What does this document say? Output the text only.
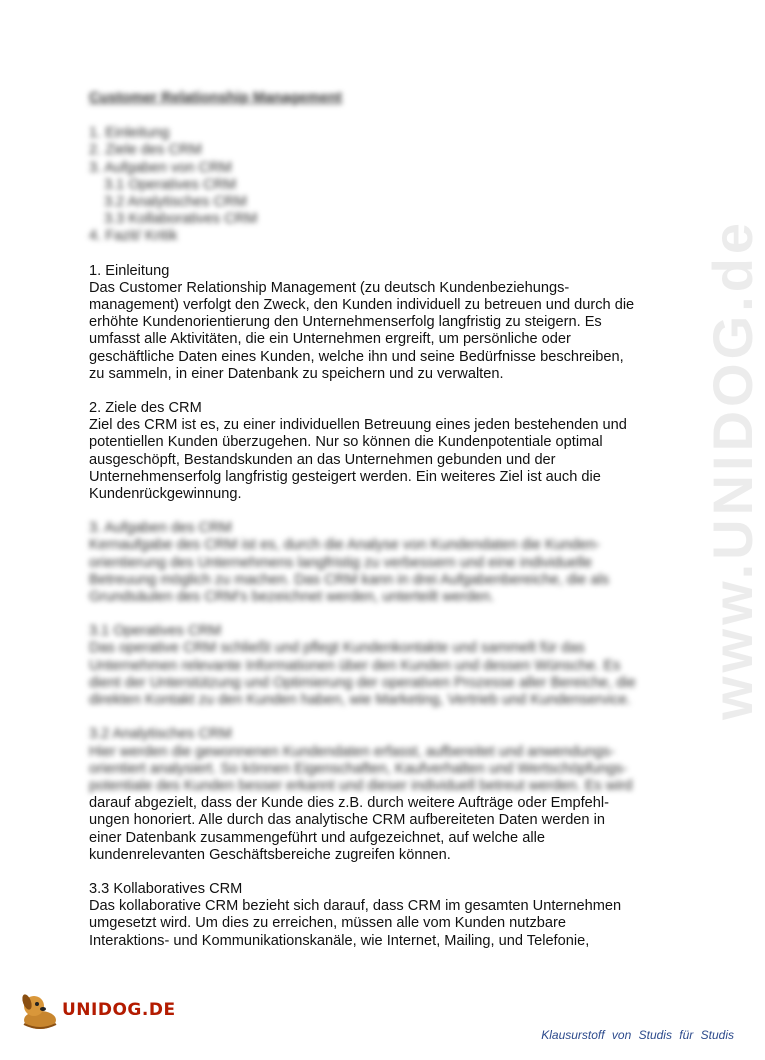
www.UNIDOG.de
Customer Relationship Management
1. Einleitung
2. Ziele des CRM
3. Aufgaben von CRM
3.1 Operatives CRM
3.2 Analytisches CRM
3.3 Kollaboratives CRM
4. Fazit/ Kritik
1. Einleitung
Das Customer Relationship Management (zu deutsch Kundenbeziehungs-
management) verfolgt den Zweck, den Kunden individuell zu betreuen und durch die
erhöhte Kundenorientierung den Unternehmenserfolg langfristig zu steigern. Es
umfasst alle Aktivitäten, die ein Unternehmen ergreift, um persönliche oder
geschäftliche Daten eines Kunden, welche ihn und seine Bedürfnisse beschreiben,
zu sammeln, in einer Datenbank zu speichern und zu verwalten.
2. Ziele des CRM
Ziel des CRM ist es, zu einer individuellen Betreuung eines jeden bestehenden und
potentiellen Kunden überzugehen. Nur so können die Kundenpotentiale optimal
ausgeschöpft, Bestandskunden an das Unternehmen gebunden und der
Unternehmenserfolg langfristig gesteigert werden. Ein weiteres Ziel ist auch die
Kundenrückgewinnung.
3. Aufgaben des CRM
Kernaufgabe des CRM ist es, durch die Analyse von Kundendaten die Kunden-
orientierung des Unternehmens langfristig zu verbessern und eine individuelle
Betreuung möglich zu machen. Das CRM kann in drei Aufgabenbereiche, die als
Grundsäulen des CRM's bezeichnet werden, unterteilt werden.
3.1 Operatives CRM
Das operative CRM schließt und pflegt Kundenkontakte und sammelt für das
Unternehmen relevante Informationen über den Kunden und dessen Wünsche. Es
dient der Unterstützung und Optimierung der operativen Prozesse aller Bereiche, die
direkten Kontakt zu den Kunden haben, wie Marketing, Vertrieb und Kundenservice.
3.2 Analytisches CRM
Hier werden die gewonnenen Kundendaten erfasst, aufbereitet und anwendungs-
orientiert analysiert. So können Eigenschaften, Kaufverhalten und Wertschöpfungs-
potentiale des Kunden besser erkannt und dieser individuell betreut werden. Es wird
darauf abgezielt, dass der Kunde dies z.B. durch weitere Aufträge oder Empfehl-
ungen honoriert. Alle durch das analytische CRM aufbereiteten Daten werden in
einer Datenbank zusammengeführt und aufgezeichnet, auf welche alle
kundenrelevanten Geschäftsbereiche zugreifen können.
3.3 Kollaboratives CRM
Das kollaborative CRM bezieht sich darauf, dass CRM im gesamten Unternehmen
umgesetzt wird. Um dies zu erreichen, müssen alle vom Kunden nutzbare
Interaktions- und Kommunikationskanäle, wie Internet, Mailing, und Telefonie,
UNIDOG.DE
Klausurstoff von Studis für Studis
